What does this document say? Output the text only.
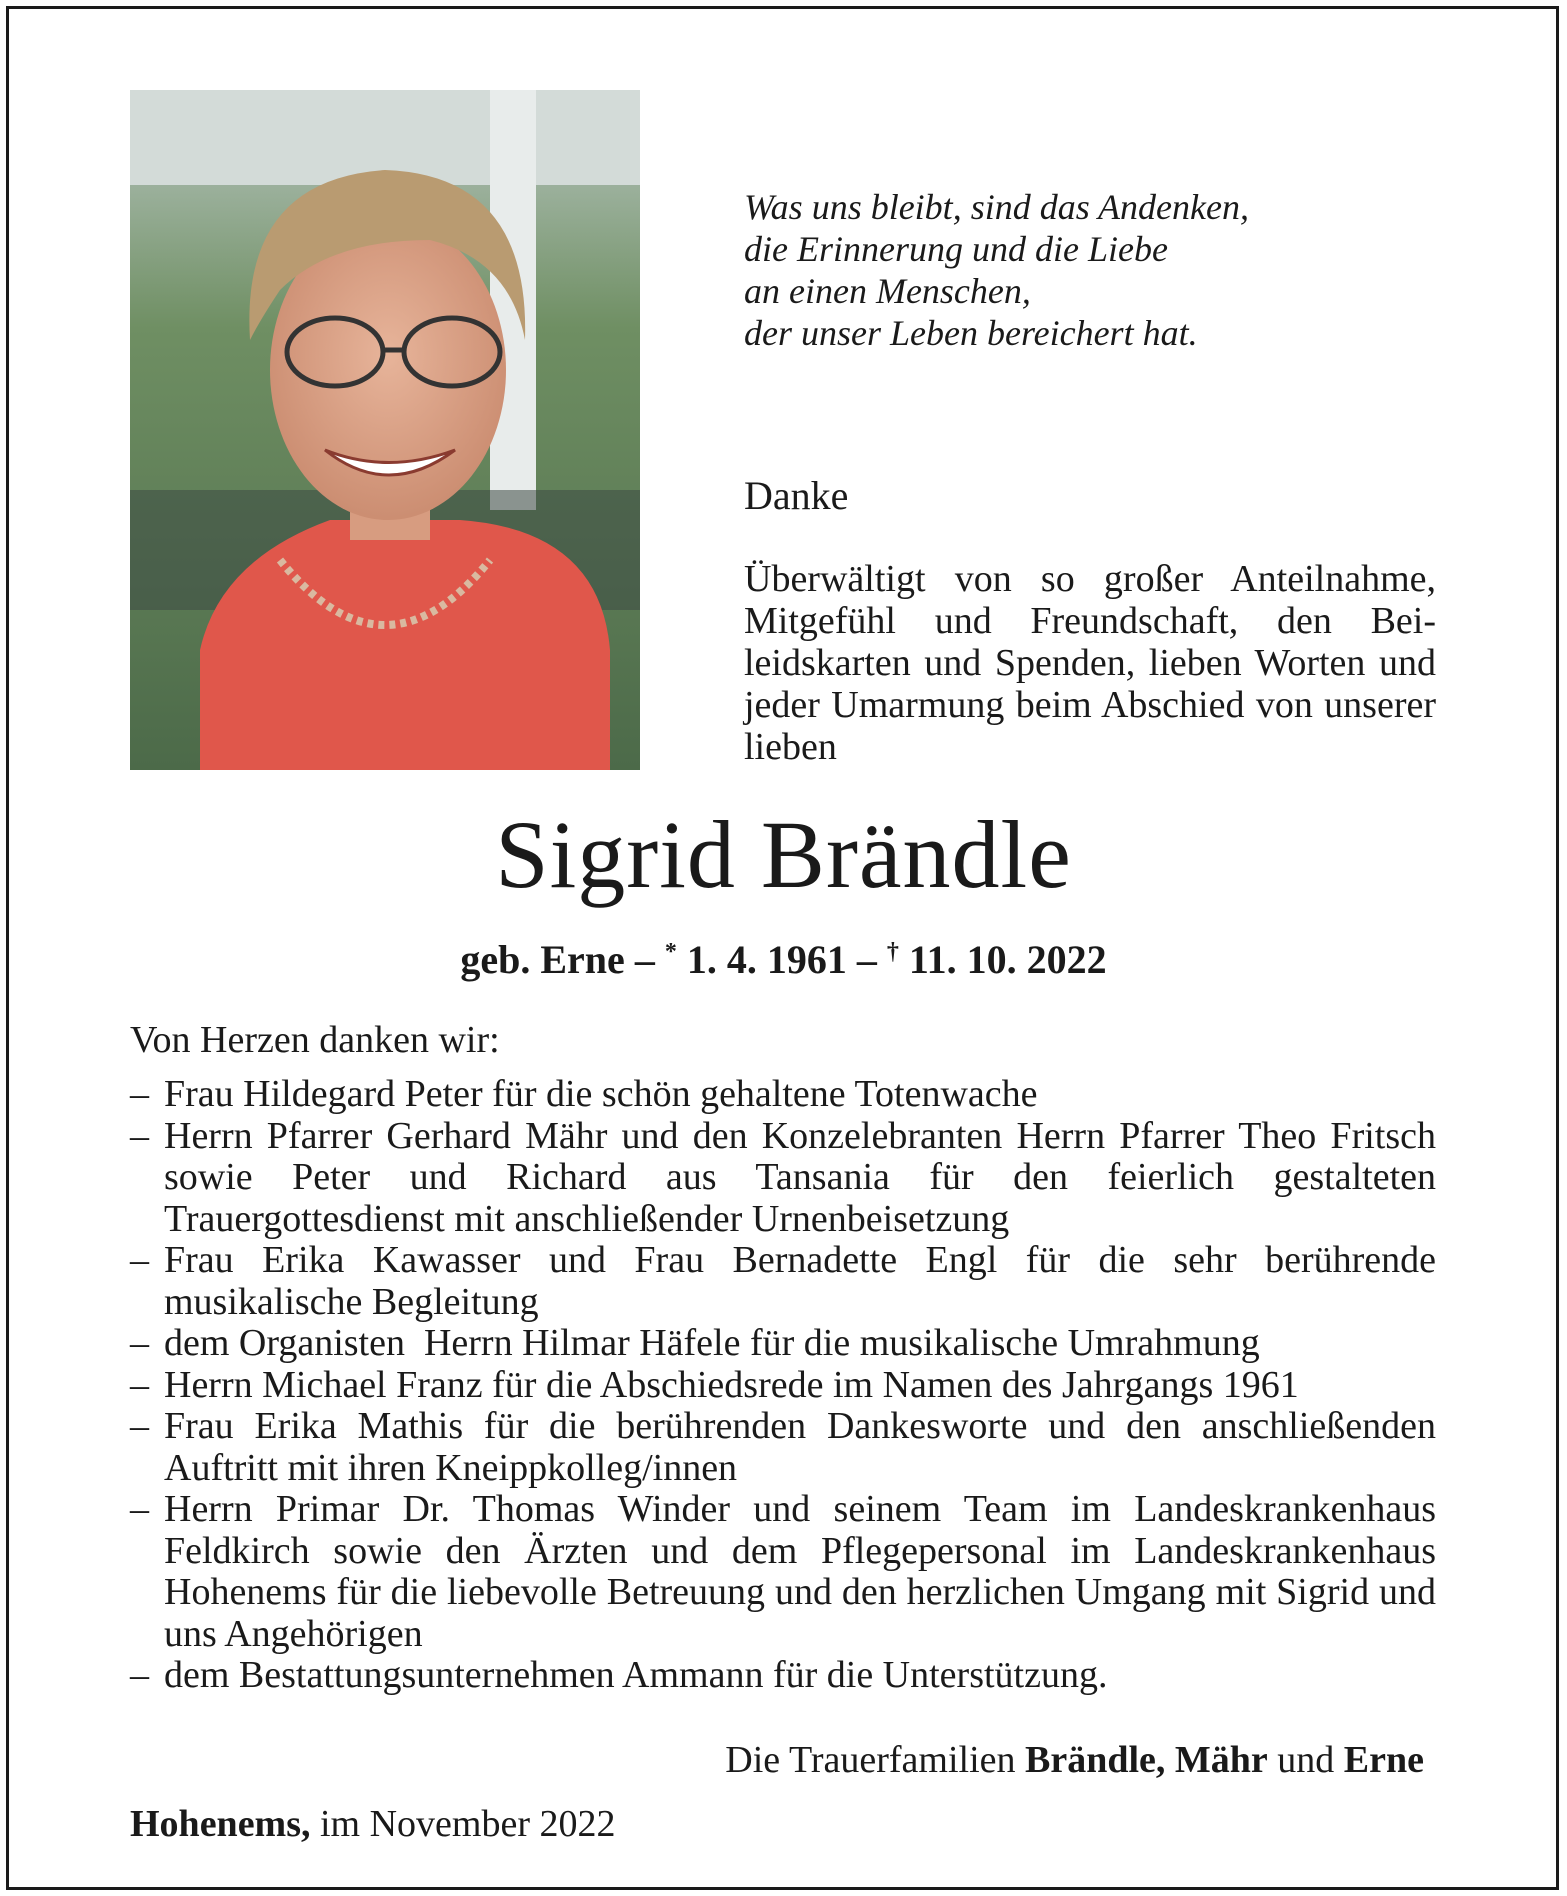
Was uns bleibt, sind das Andenken,
die Erinnerung und die Liebe
an einen Menschen,
der unser Leben bereichert hat.
Danke
Überwältigt von so großer Anteilnahme, Mitgefühl und Freundschaft, den Beileidskarten und Spenden, lieben Worten und jeder Umarmung beim Abschied von unserer lieben
Sigrid Brändle
geb. Erne – * 1. 4. 1961 – † 11. 10. 2022
Von Herzen danken wir:
– Frau Hildegard Peter für die schön gehaltene Totenwache
– Herrn Pfarrer Gerhard Mähr und den Konzelebranten Herrn Pfarrer Theo Fritsch sowie Peter und Richard aus Tansania für den feierlich gestalteten Trauergottesdienst mit anschließender Urnenbeisetzung
– Frau Erika Kawasser und Frau Bernadette Engl für die sehr berührende musikalische Begleitung
– dem Organisten  Herrn Hilmar Häfele für die musikalische Umrahmung
– Herrn Michael Franz für die Abschiedsrede im Namen des Jahrgangs 1961
– Frau Erika Mathis für die berührenden Dankesworte und den anschließenden Auftritt mit ihren Kneippkolleg/innen
– Herrn Primar Dr. Thomas Winder und seinem Team im Landeskrankenhaus Feldkirch sowie den Ärzten und dem Pflegepersonal im Landeskrankenhaus Hohenems für die liebevolle Betreuung und den herzlichen Umgang mit Sigrid und uns Angehörigen
– dem Bestattungsunternehmen Ammann für die Unterstützung.
Die Trauerfamilien Brändle, Mähr und Erne
Hohenems, im November 2022
